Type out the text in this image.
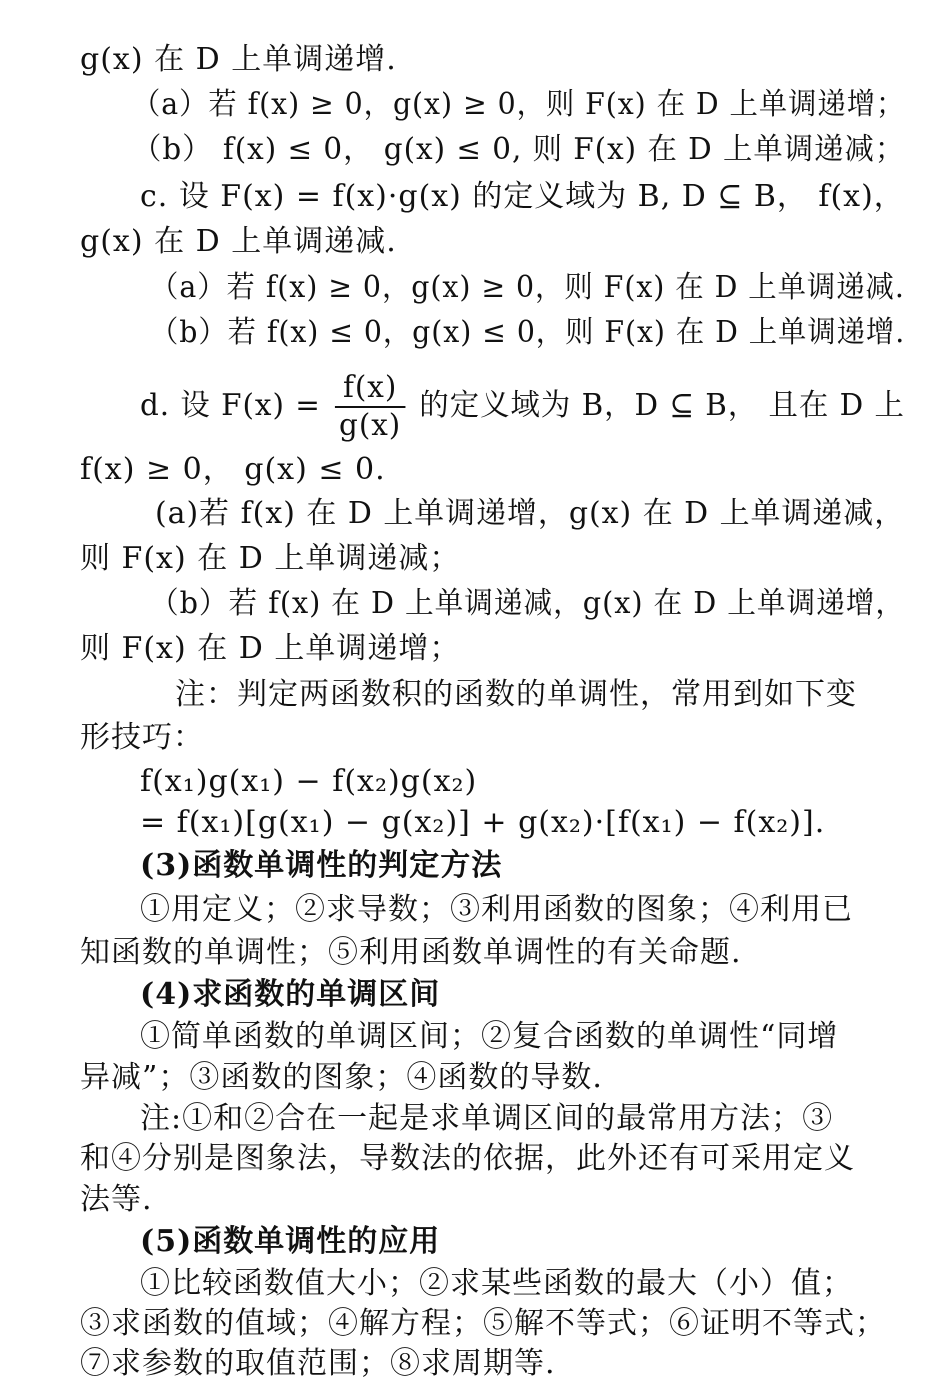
g(x) 在 D 上单调递增.
（a）若 f(x) ≥ 0，g(x) ≥ 0，则 F(x) 在 D 上单调递增；
（b） f(x) ≤ 0， g(x) ≤ 0, 则 F(x) 在 D 上单调递减；
c. 设 F(x) = f(x)·g(x) 的定义域为 B, D ⊆ B， f(x)，
g(x) 在 D 上单调递减.
（a）若 f(x) ≥ 0，g(x) ≥ 0，则 F(x) 在 D 上单调递减.
（b）若 f(x) ≤ 0，g(x) ≤ 0，则 F(x) 在 D 上单调递增.
d. 设 $F(x) = \frac{f(x)}{g(x)}$ 的定义域为 B，D ⊆ B， 且在 D 上
f(x) ≥ 0， g(x) ≤ 0.
(a)若 f(x) 在 D 上单调递增，g(x) 在 D 上单调递减，
则 F(x) 在 D 上单调递减；
（b）若 f(x) 在 D 上单调递减，g(x) 在 D 上单调递增，
则 F(x) 在 D 上单调递增；
注：判定两函数积的函数的单调性，常用到如下变
形技巧：
f(x₁)g(x₁) − f(x₂)g(x₂)
= f(x₁)[g(x₁) − g(x₂)] + g(x₂)·[f(x₁) − f(x₂)].
(3)函数单调性的判定方法
①用定义；②求导数；③利用函数的图象；④利用已
知函数的单调性；⑤利用函数单调性的有关命题.
(4)求函数的单调区间
①简单函数的单调区间；②复合函数的单调性“同增
异减”；③函数的图象；④函数的导数.
注:①和②合在一起是求单调区间的最常用方法；③
和④分别是图象法，导数法的依据，此外还有可采用定义
法等.
(5)函数单调性的应用
①比较函数值大小；②求某些函数的最大（小）值；
③求函数的值域；④解方程；⑤解不等式；⑥证明不等式；
⑦求参数的取值范围；⑧求周期等.
